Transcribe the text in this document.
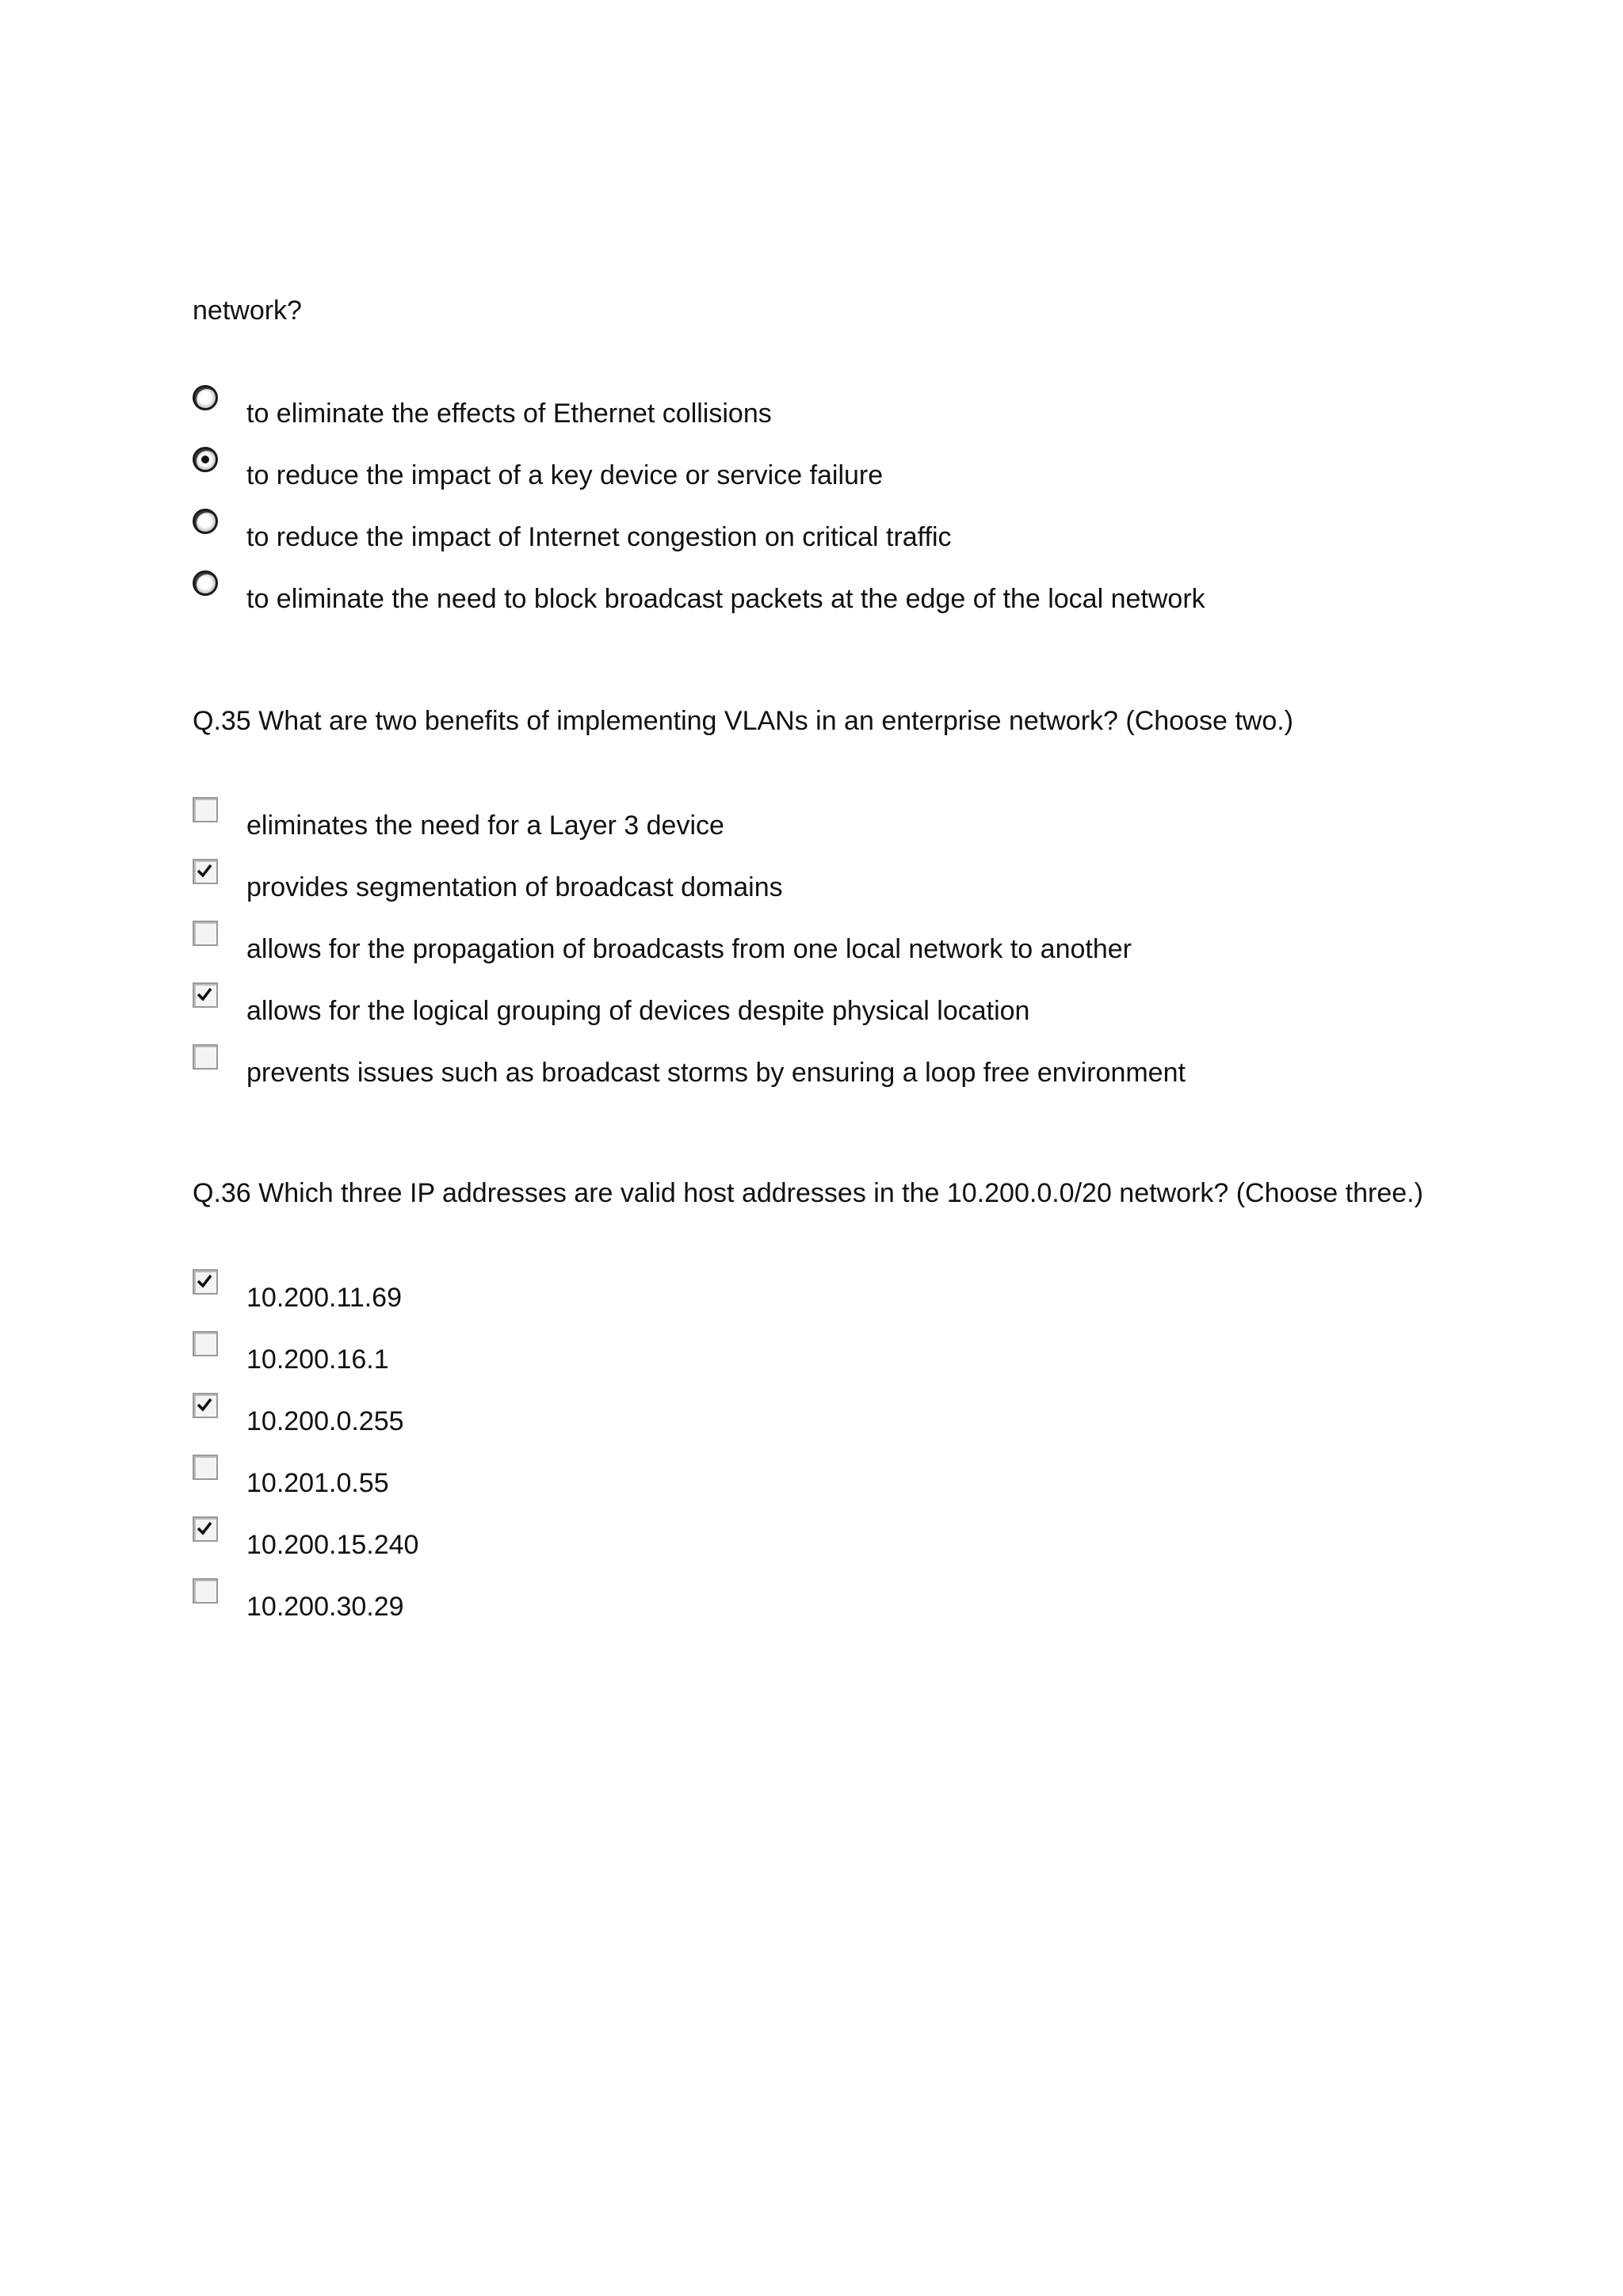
network?
to eliminate the effects of Ethernet collisions
to reduce the impact of a key device or service failure
to reduce the impact of Internet congestion on critical traffic
to eliminate the need to block broadcast packets at the edge of the local network
Q.35 What are two benefits of implementing VLANs in an enterprise network? (Choose two.)
eliminates the need for a Layer 3 device
provides segmentation of broadcast domains
allows for the propagation of broadcasts from one local network to another
allows for the logical grouping of devices despite physical location
prevents issues such as broadcast storms by ensuring a loop free environment
Q.36 Which three IP addresses are valid host addresses in the 10.200.0.0/20 network? (Choose three.)
10.200.11.69
10.200.16.1
10.200.0.255
10.201.0.55
10.200.15.240
10.200.30.29
